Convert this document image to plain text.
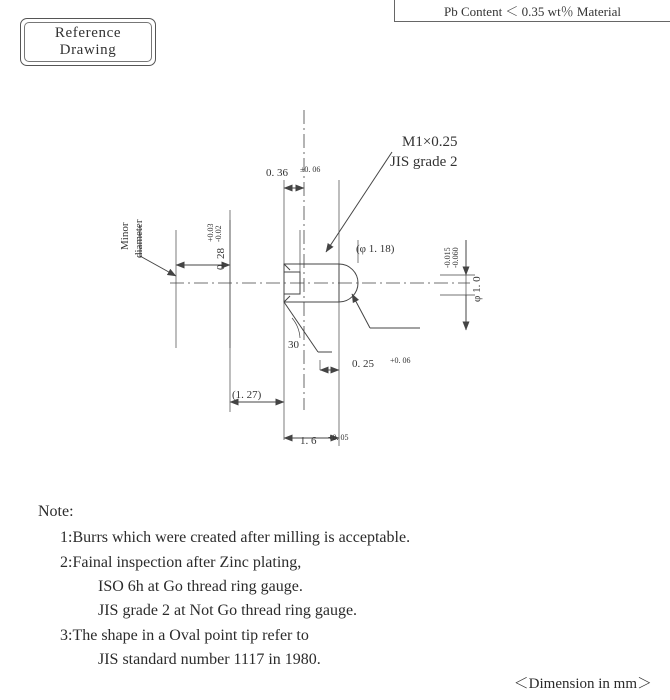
Pb Content ＜ 0.35 wt％ Material
Reference
Drawing
M1×0.25
JIS grade 2
0. 36 ±0. 06
Minor diameter
0. 28
+0.03 -0.02
(φ 1. 18)
φ 1. 0
-0.015 -0.060
30
0. 25 +0. 06
(1. 27)
1. 6 +0. 05
Note:
1:Burrs which were created after milling is acceptable.
2:Fainal inspection after Zinc plating,
ISO 6h at Go thread ring gauge.
JIS grade 2 at Not Go thread ring gauge.
3:The shape in a Oval point tip refer to
JIS standard number 1117 in 1980.
＜Dimension in mm＞
